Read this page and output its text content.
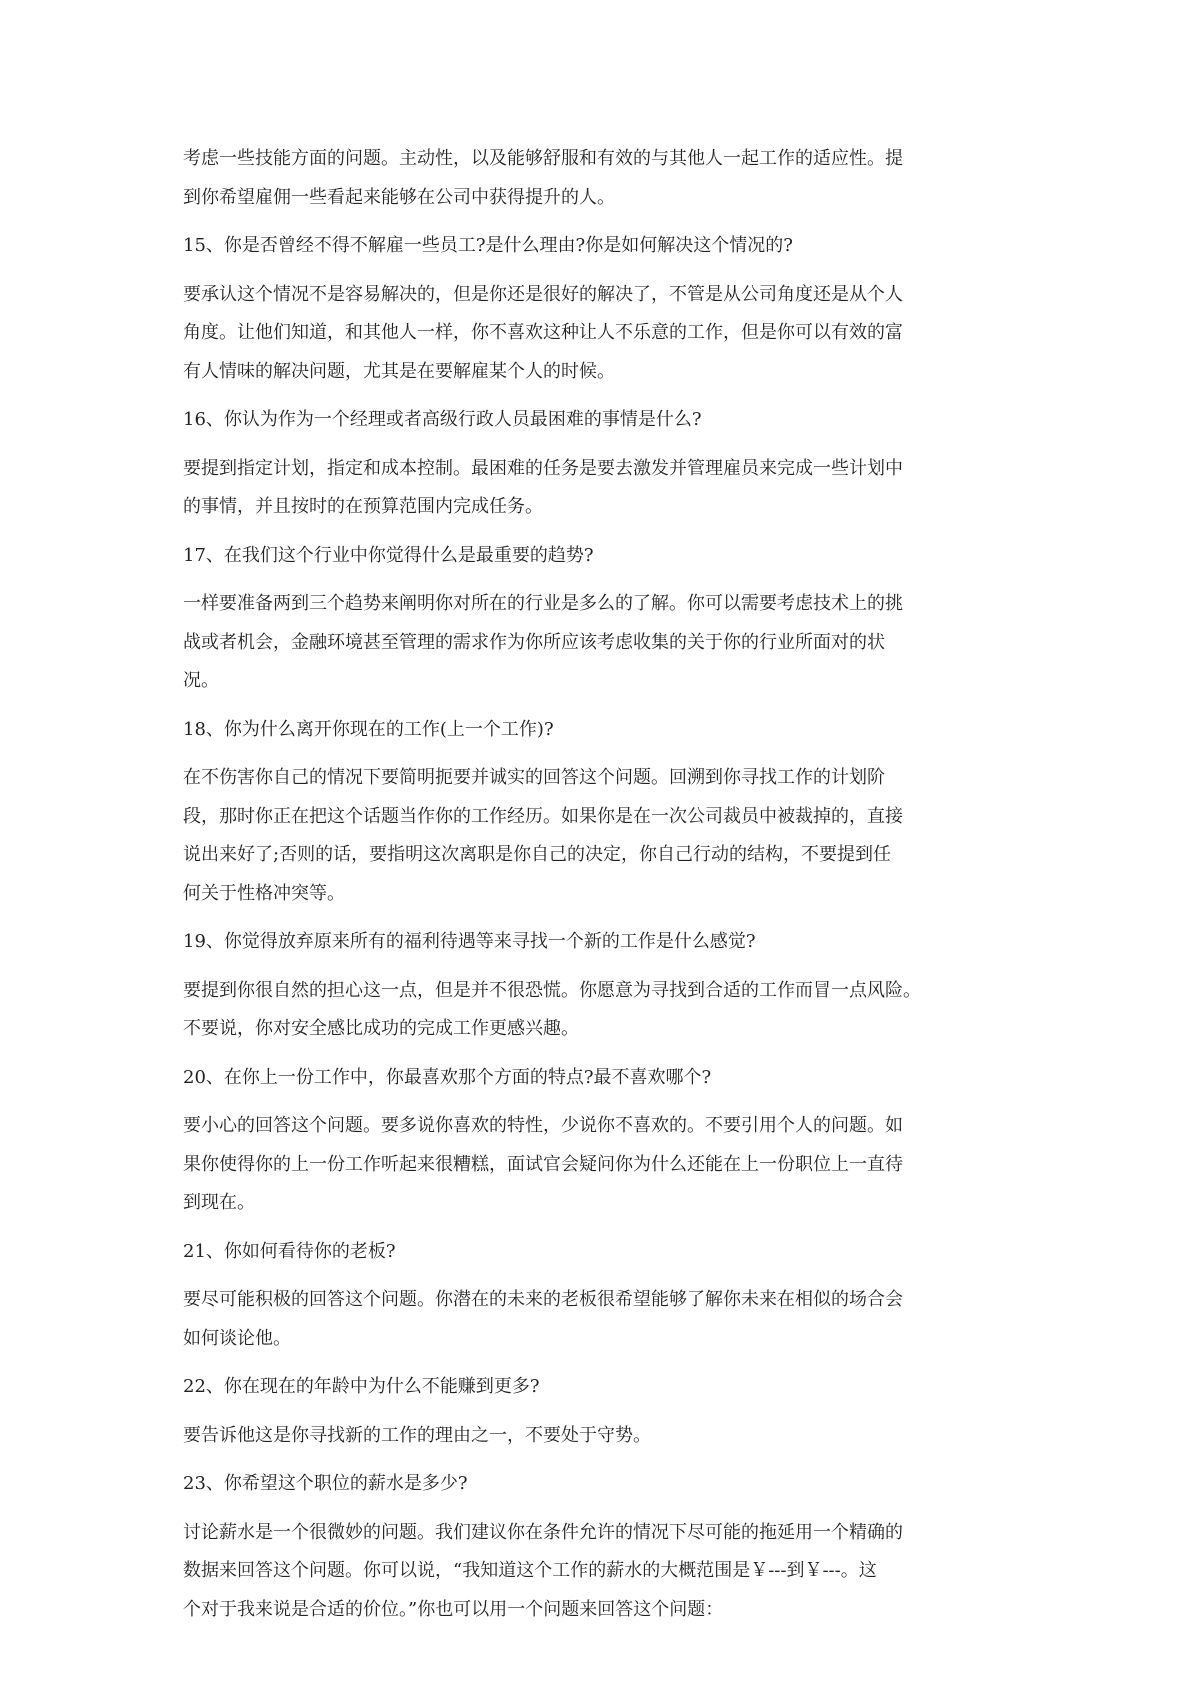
考虑一些技能方面的问题。主动性，以及能够舒服和有效的与其他人一起工作的适应性。提
到你希望雇佣一些看起来能够在公司中获得提升的人。

15、你是否曾经不得不解雇一些员工?是什么理由?你是如何解决这个情况的?

要承认这个情况不是容易解决的，但是你还是很好的解决了，不管是从公司角度还是从个人
角度。让他们知道，和其他人一样，你不喜欢这种让人不乐意的工作，但是你可以有效的富
有人情味的解决问题，尤其是在要解雇某个人的时候。

16、你认为作为一个经理或者高级行政人员最困难的事情是什么?

要提到指定计划，指定和成本控制。最困难的任务是要去激发并管理雇员来完成一些计划中
的事情，并且按时的在预算范围内完成任务。

17、在我们这个行业中你觉得什么是最重要的趋势?

一样要准备两到三个趋势来阐明你对所在的行业是多么的了解。你可以需要考虑技术上的挑
战或者机会，金融环境甚至管理的需求作为你所应该考虑收集的关于你的行业所面对的状
况。

18、你为什么离开你现在的工作(上一个工作)?

在不伤害你自己的情况下要简明扼要并诚实的回答这个问题。回溯到你寻找工作的计划阶
段，那时你正在把这个话题当作你的工作经历。如果你是在一次公司裁员中被裁掉的，直接
说出来好了;否则的话，要指明这次离职是你自己的决定，你自己行动的结构，不要提到任
何关于性格冲突等。

19、你觉得放弃原来所有的福利待遇等来寻找一个新的工作是什么感觉?

要提到你很自然的担心这一点，但是并不很恐慌。你愿意为寻找到合适的工作而冒一点风险。
不要说，你对安全感比成功的完成工作更感兴趣。

20、在你上一份工作中，你最喜欢那个方面的特点?最不喜欢哪个?

要小心的回答这个问题。要多说你喜欢的特性，少说你不喜欢的。不要引用个人的问题。如
果你使得你的上一份工作听起来很糟糕，面试官会疑问你为什么还能在上一份职位上一直待
到现在。

21、你如何看待你的老板?

要尽可能积极的回答这个问题。你潜在的未来的老板很希望能够了解你未来在相似的场合会
如何谈论他。

22、你在现在的年龄中为什么不能赚到更多?

要告诉他这是你寻找新的工作的理由之一，不要处于守势。

23、你希望这个职位的薪水是多少?

讨论薪水是一个很微妙的问题。我们建议你在条件允许的情况下尽可能的拖延用一个精确的
数据来回答这个问题。你可以说，“我知道这个工作的薪水的大概范围是￥---到￥---。这
个对于我来说是合适的价位。”你也可以用一个问题来回答这个问题：
